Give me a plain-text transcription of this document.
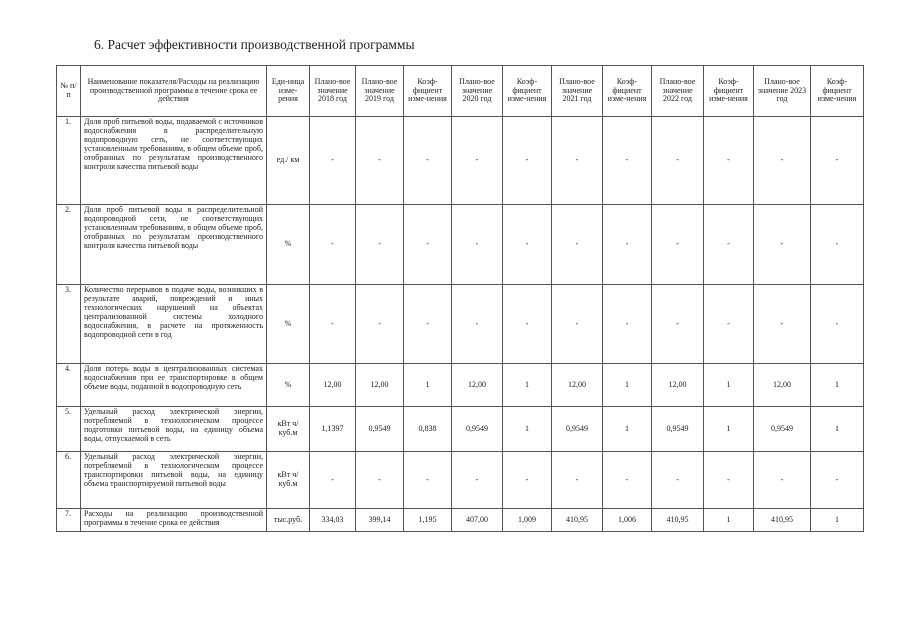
6. Расчет эффективности производственной программы
№ п/п	Наименование показателя/Расходы на реализацию производственной программы в течение срока ее действия	Еди-ница изме-рения	Плано-вое значение 2018 год	Плано-вое значение 2019 год	Коэф-фициент изме-нения	Плано-вое значение 2020 год	Коэф-фициент изме-нения	Плано-вое значение 2021 год	Коэф-фициент изме-нения	Плано-вое значение 2022 год	Коэф-фициент изме-нения	Плано-вое значение 2023 год	Коэф-фициент изме-нения
1.	Доля проб питьевой воды, подаваемой с источников водоснабжения в распределительную водопроводную сеть, не соответствующих установленным требованиям, в общем объеме проб, отобранных по результатам производственного контроля качества питьевой воды	ед./ км	-	-	-	-	-	-	-	-	-	-	-
2.	Доля проб питьевой воды в распределительной водопроводной сети, не соответствующих установленным требованиям, в общем объеме проб, отобранных по результатам производственного контроля качества питьевой воды	%	-	-	-	-	-	-	-	-	-	-	-
3.	Количество перерывов в подаче воды, возникших в результате аварий, повреждений и иных технологических нарушений на объектах централизованной системы холодного водоснабжения, в расчете на протяженность водопроводной сети в год	%	-	-	-	-	-	-	-	-	-	-	-
4.	Доля потерь воды в централизованных системах водоснабжения при ее транспортировке в общем объеме воды, поданной в водопроводную сеть	%	12,00	12,00	1	12,00	1	12,00	1	12,00	1	12,00	1
5.	Удельный расход электрической энергии, потребляемой в технологическом процессе подготовки питьевой воды, на единицу объема воды, отпускаемой в сеть	кВт ч/куб.м	1,1397	0,9549	0,838	0,9549	1	0,9549	1	0,9549	1	0,9549	1
6.	Удельный расход электрической энергии, потребляемой в технологическом процессе транспортировки питьевой воды, на единицу объема транспортируемой питьевой воды	кВт ч/куб.м	-	-	-	-	-	-	-	-	-	-	-
7.	Расходы на реализацию производственной программы в течение срока ее действия	тыс.руб.	334,03	399,14	1,195	407,00	1,009	410,95	1,006	410,95	1	410,95	1
